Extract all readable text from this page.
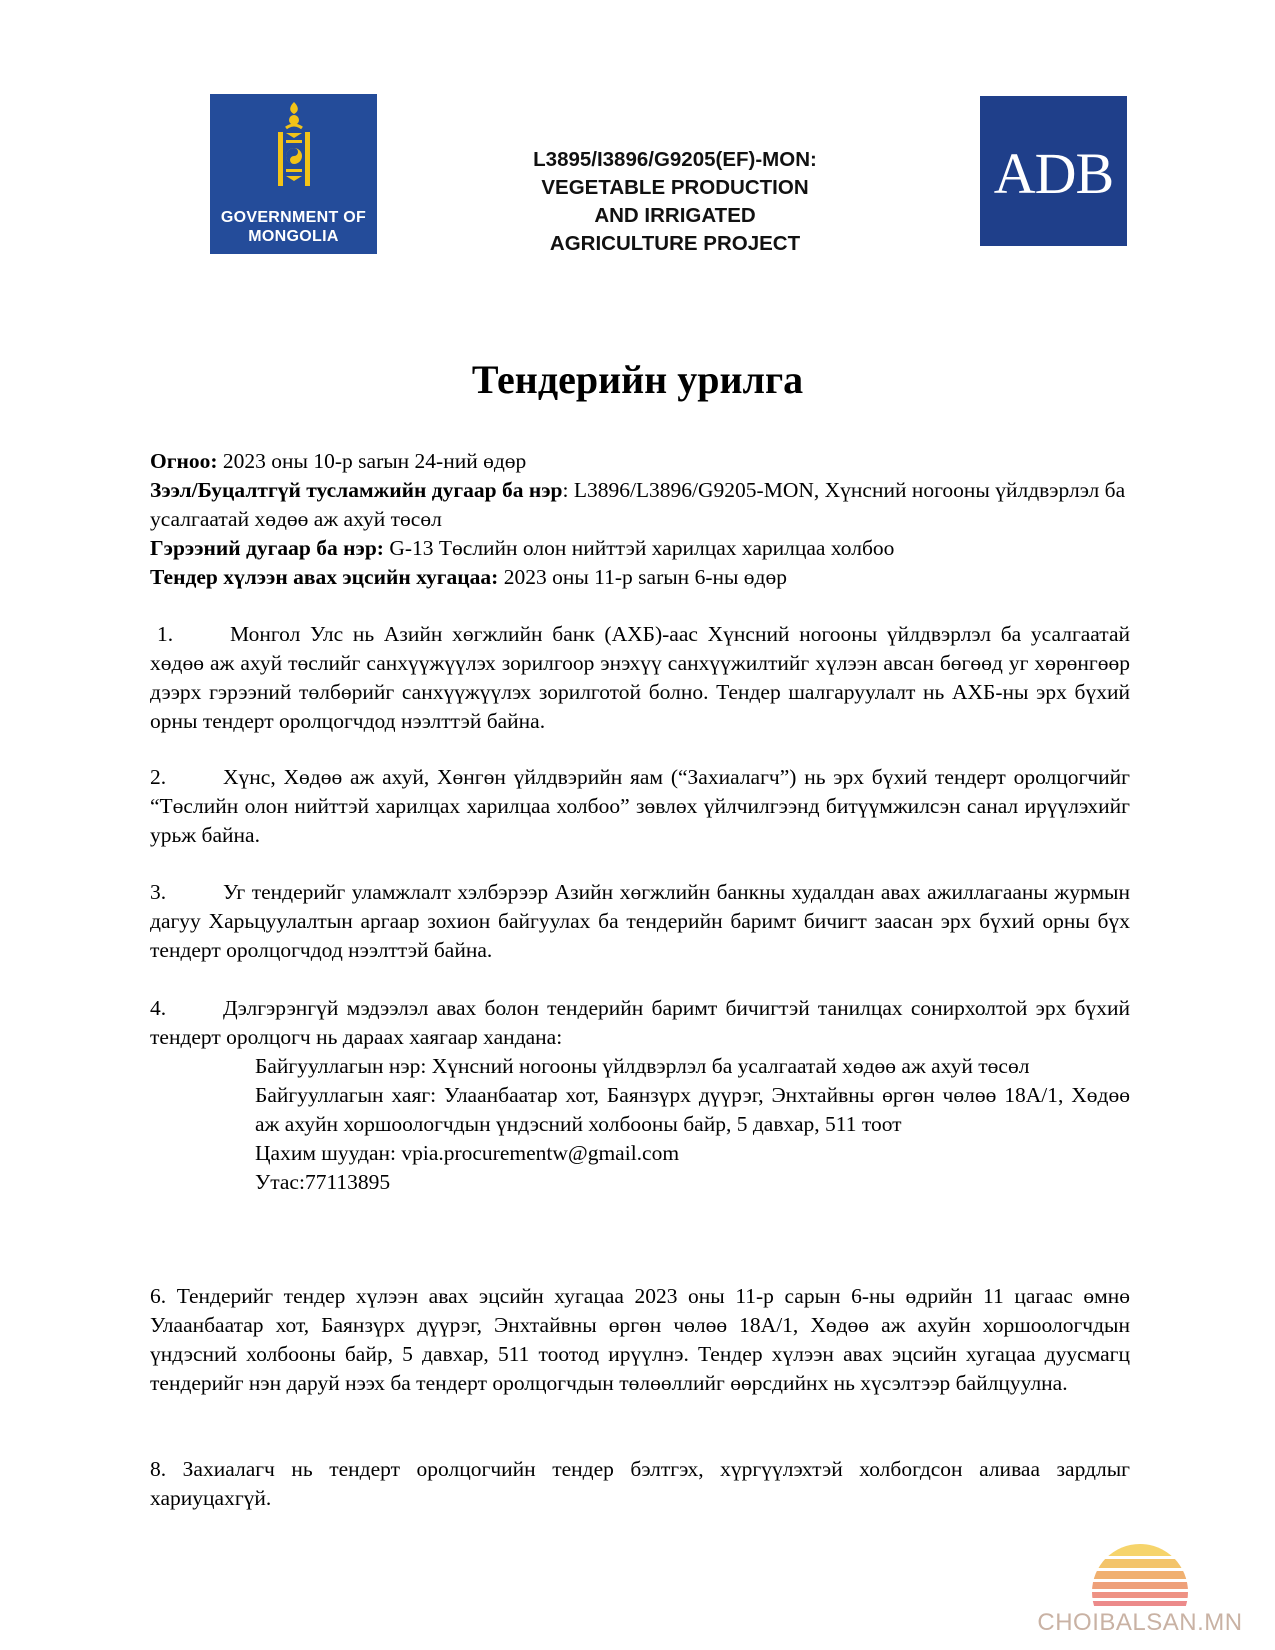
GOVERNMENT OF
MONGOLIA
L3895/I3896/G9205(EF)-MON:
VEGETABLE PRODUCTION
AND IRRIGATED
AGRICULTURE PROJECT
ADB
Тендерийн урилга

Огноо: 2023 оны 10-р sarын 24-ний өдөр

Зээл/Буцалтгүй тусламжийн дугаар ба нэр: L3896/L3896/G9205-MON, Хүнсний ногооны үйлдвэрлэл ба усалгаатай хөдөө аж ахуй төсөл

Гэрээний дугаар ба нэр: G-13 Төслийн олон нийттэй харилцах харилцаа холбоо

Тендер хүлээн авах эцсийн хугацаа: 2023 оны 11-р sarын 6-ны өдөр

1.	Монгол Улс нь Азийн хөгжлийн банк (АХБ)-аас Хүнсний ногооны үйлдвэрлэл ба усалгаатай хөдөө аж ахуй төслийг санхүүжүүлэх зорилгоор энэхүү санхүүжилтийг хүлээн авсан бөгөөд уг хөрөнгөөр дээрх гэрээний төлбөрийг санхүүжүүлэх зорилготой болно. Тендер шалгаруулалт нь АХБ-ны эрх бүхий орны тендерт оролцогчдод нээлттэй байна.

2.	Хүнс, Хөдөө аж ахуй, Хөнгөн үйлдвэрийн яам (“Захиалагч”) нь эрх бүхий тендерт оролцогчийг “Төслийн олон нийттэй харилцах харилцаа холбоо” зөвлөх үйлчилгээнд битүүмжилсэн санал ирүүлэхийг урьж байна.

3.	Уг тендерийг уламжлалт хэлбэрээр Азийн хөгжлийн банкны худалдан авах ажиллагааны журмын дагуу Харьцуулалтын аргаар зохион байгуулах ба тендерийн баримт бичигт заасан эрх бүхий орны бүх тендерт оролцогчдод нээлттэй байна.

4.	Дэлгэрэнгүй мэдээлэл авах болон тендерийн баримт бичигтэй танилцах сонирхолтой эрх бүхий тендерт оролцогч нь дараах хаягаар хандана:

Байгууллагын нэр: Хүнсний ногооны үйлдвэрлэл ба усалгаатай хөдөө аж ахуй төсөл

Байгууллагын хаяг: Улаанбаатар хот, Баянзүрх дүүрэг, Энхтайвны өргөн чөлөө 18А/1, Хөдөө аж ахуйн хоршоологчдын үндэсний холбооны байр, 5 давхар, 511 тоот

Цахим шуудан: vpia.procurementw@gmail.com

Утас:77113895

6. Тендерийг тендер хүлээн авах эцсийн хугацаа 2023 оны 11-р сарын 6-ны өдрийн 11 цагаас өмнө Улаанбаатар хот, Баянзүрх дүүрэг, Энхтайвны өргөн чөлөө 18А/1, Хөдөө аж ахуйн хоршоологчдын үндэсний холбооны байр, 5 давхар, 511 тоотод ирүүлнэ. Тендер хүлээн авах эцсийн хугацаа дуусмагц тендерийг нэн даруй нээх ба тендерт оролцогчдын төлөөллийг өөрсдийнх нь хүсэлтээр байлцуулна.

8. Захиалагч нь тендерт оролцогчийн тендер бэлтгэх, хүргүүлэхтэй холбогдсон аливаа зардлыг хариуцахгүй.

CHOIBALSAN.MN
